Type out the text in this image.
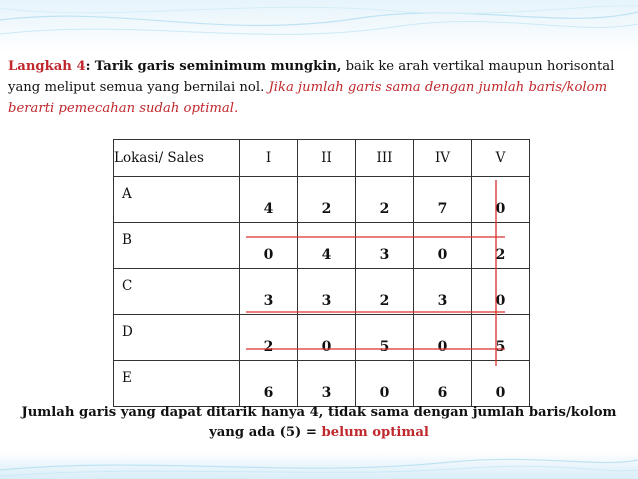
Langkah 4: Tarik garis seminimum mungkin, baik ke arah vertikal maupun horisontal yang meliput semua yang bernilai nol. Jika jumlah garis sama dengan jumlah baris/kolom berarti pemecahan sudah optimal.
Lokasi/ Sales	I	II	III	IV	V
A	4	2	2	7	0
B	0	4	3	0	2
C	3	3	2	3	0
D	2	0	5	0	5
E	6	3	0	6	0
Jumlah garis yang dapat ditarik hanya 4, tidak sama dengan jumlah baris/kolom
yang ada (5) = belum optimal
